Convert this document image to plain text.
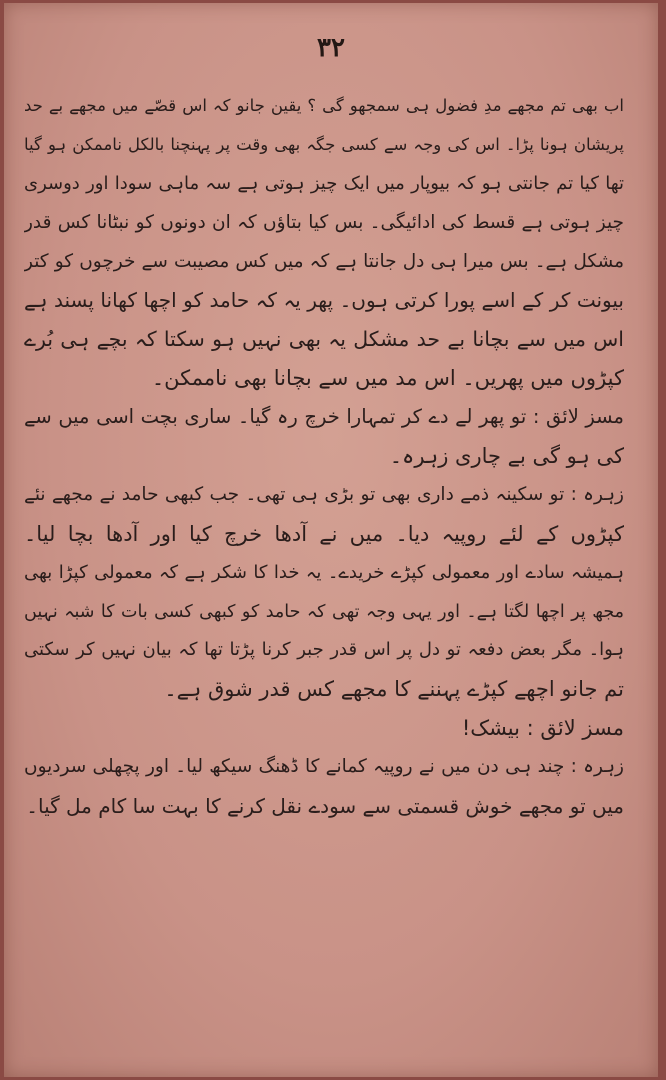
۳۲
اب بھی تم مجھے مدِ فضول ہی سمجھو گی ؟ یقین جانو کہ اس قصّے میں مجھے بے حد
پریشان ہونا پڑا۔ اس کی وجہ سے کسی جگہ بھی وقت پر پہنچنا بالکل ناممکن ہو گیا
تھا کیا تم جانتی ہو کہ بیوپار میں ایک چیز ہوتی ہے سہ ماہی سودا اور دوسری
چیز ہوتی ہے قسط کی ادائیگی۔ بس کیا بتاؤں کہ ان دونوں کو نبٹانا کس قدر
مشکل ہے۔ بس میرا ہی دل جانتا ہے کہ میں کس مصیبت سے خرچوں کو کتر
بیونت کر کے اسے پورا کرتی ہوں۔ پھر یہ کہ حامد کو اچھا کھانا پسند ہے
اس میں سے بچانا بے حد مشکل یہ بھی نہیں ہو سکتا کہ بچے ہی بُرے
کپڑوں میں پھریں۔ اس مد میں سے بچانا بھی ناممکن۔
مسز لائق : تو پھر لے دے کر تمہارا خرچ رہ گیا۔ ساری بچت اسی میں سے
کی ہو گی بے چاری زہرہ۔
زہرہ : تو سکینہ ذمے داری بھی تو بڑی ہی تھی۔ جب کبھی حامد نے مجھے نئے
کپڑوں کے لئے روپیہ دیا۔ میں نے آدھا خرچ کیا اور آدھا بچا لیا۔
ہمیشہ سادے اور معمولی کپڑے خریدے۔ یہ خدا کا شکر ہے کہ معمولی کپڑا بھی
مجھ پر اچھا لگتا ہے۔ اور یہی وجہ تھی کہ حامد کو کبھی کسی بات کا شبہ نہیں
ہوا۔ مگر بعض دفعہ تو دل پر اس قدر جبر کرنا پڑتا تھا کہ بیان نہیں کر سکتی
تم جانو اچھے کپڑے پہننے کا مجھے کس قدر شوق ہے۔
مسز لائق : بیشک!
زہرہ : چند ہی دن میں نے روپیہ کمانے کا ڈھنگ سیکھ لیا۔ اور پچھلی سردیوں
میں تو مجھے خوش قسمتی سے سودے نقل کرنے کا بہت سا کام مل گیا۔
